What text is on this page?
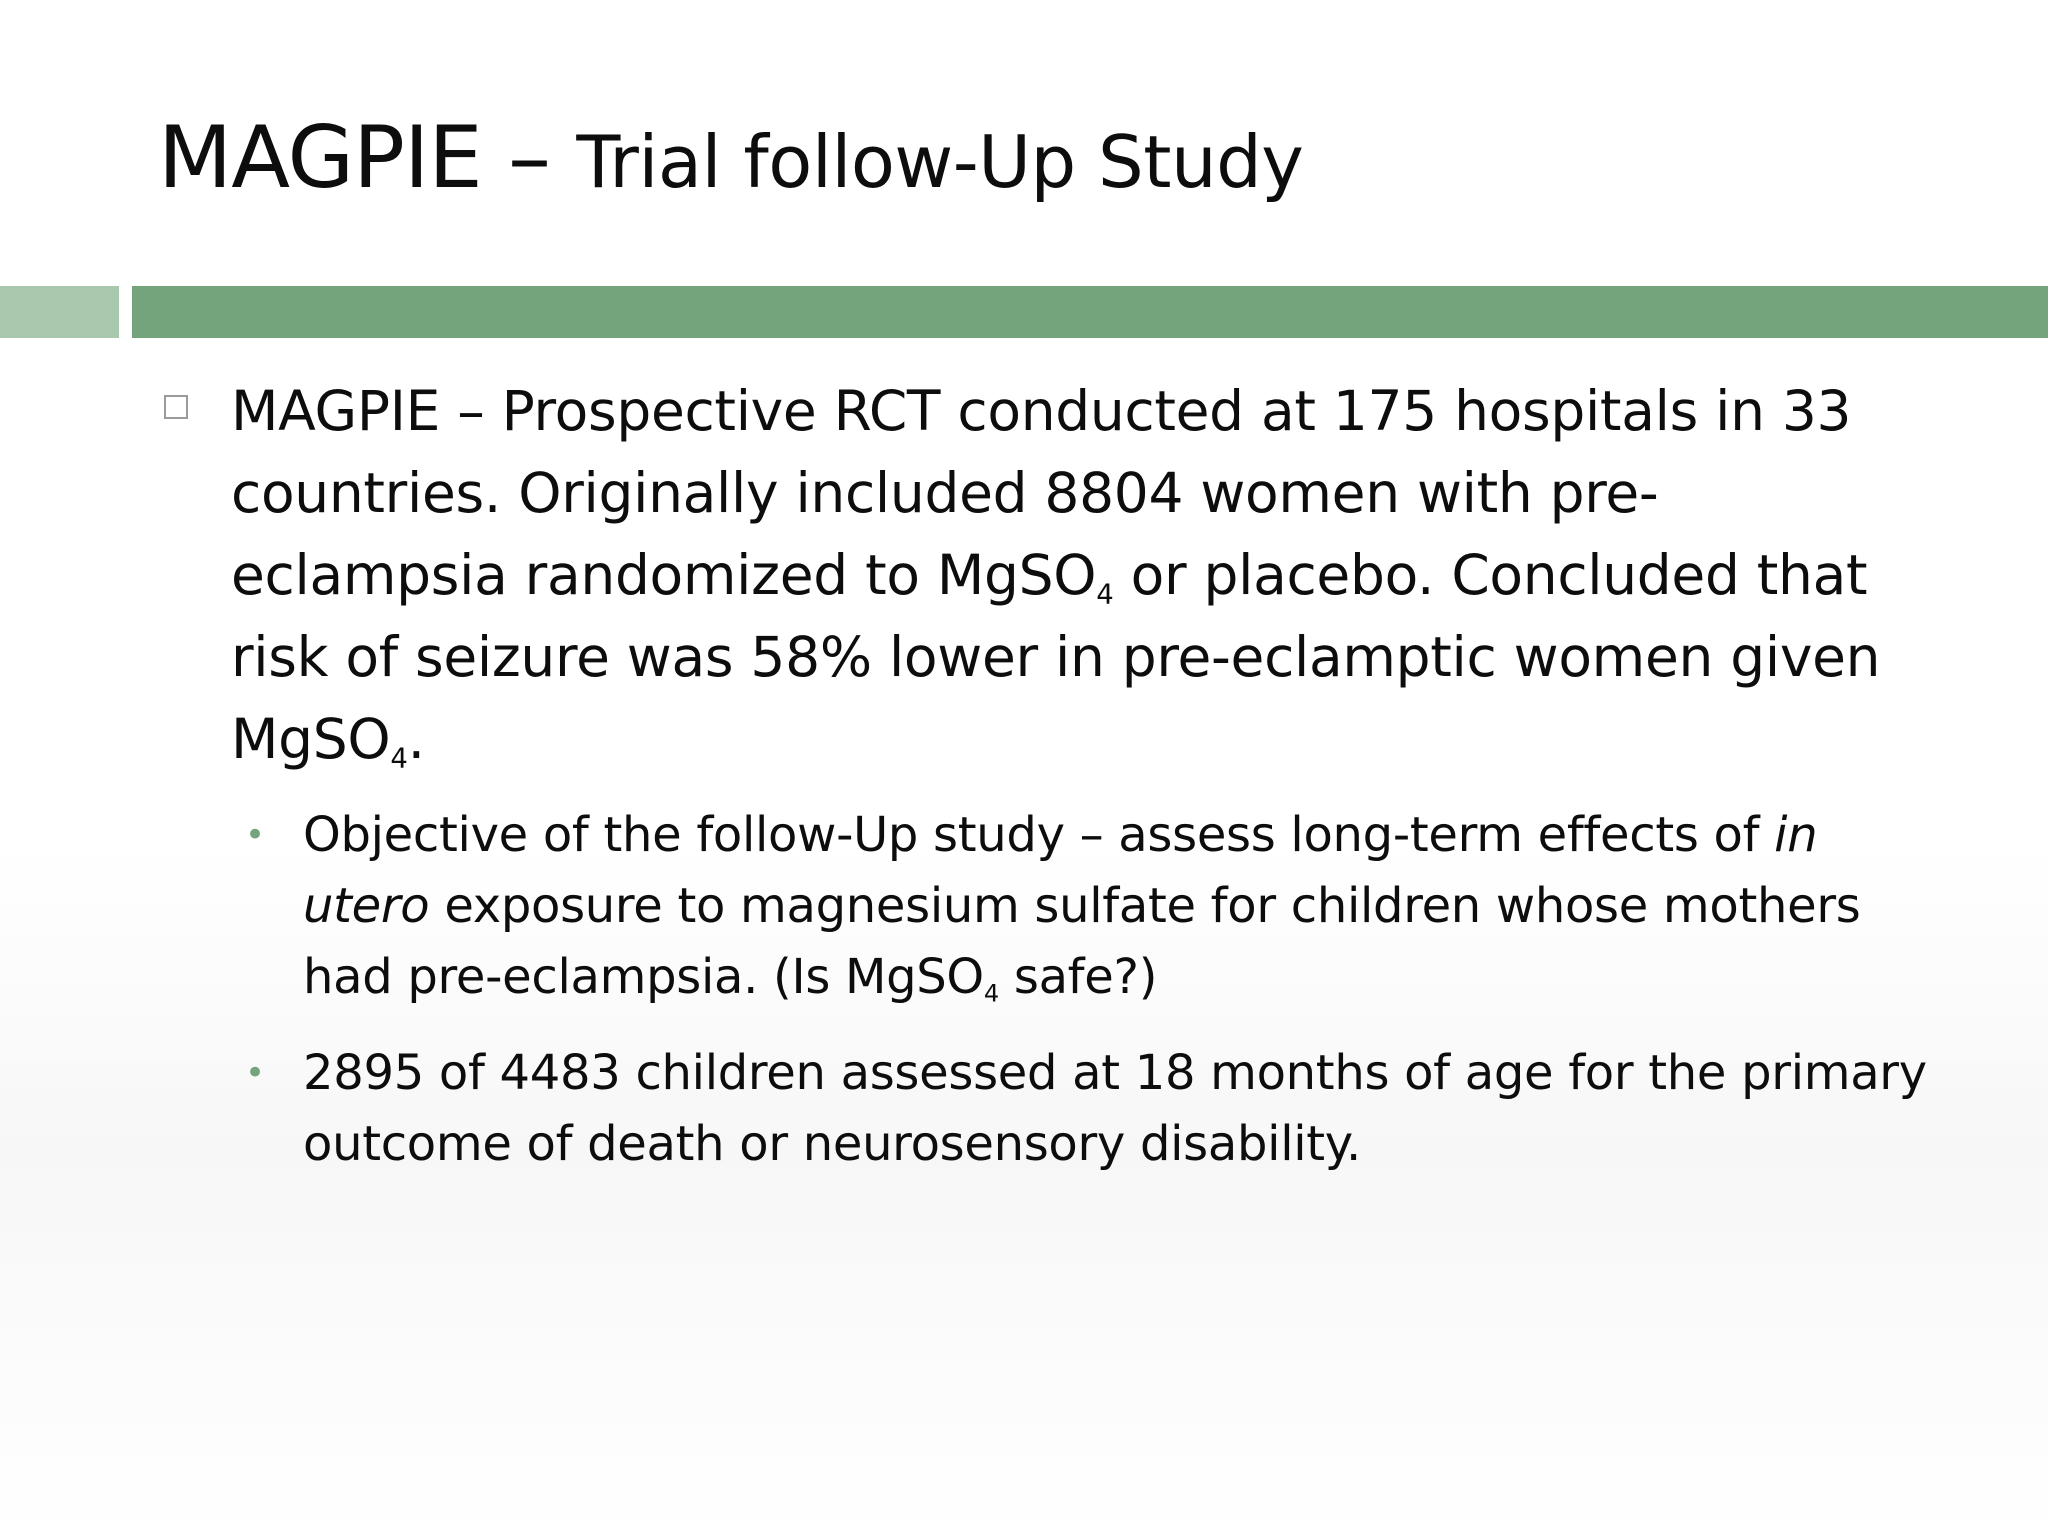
MAGPIE – Trial follow-Up Study
MAGPIE – Prospective RCT conducted at 175 hospitals in 33 countries. Originally included 8804 women with pre-eclampsia randomized to MgSO$_4$ or placebo. Concluded that risk of seizure was 58% lower in pre-eclamptic women given MgSO$_4$.
• Objective of the follow-Up study – assess long-term effects of in utero exposure to magnesium sulfate for children whose mothers had pre-eclampsia. (Is MgSO$_4$ safe?)
• 2895 of 4483 children assessed at 18 months of age for the primary outcome of death or neurosensory disability.
